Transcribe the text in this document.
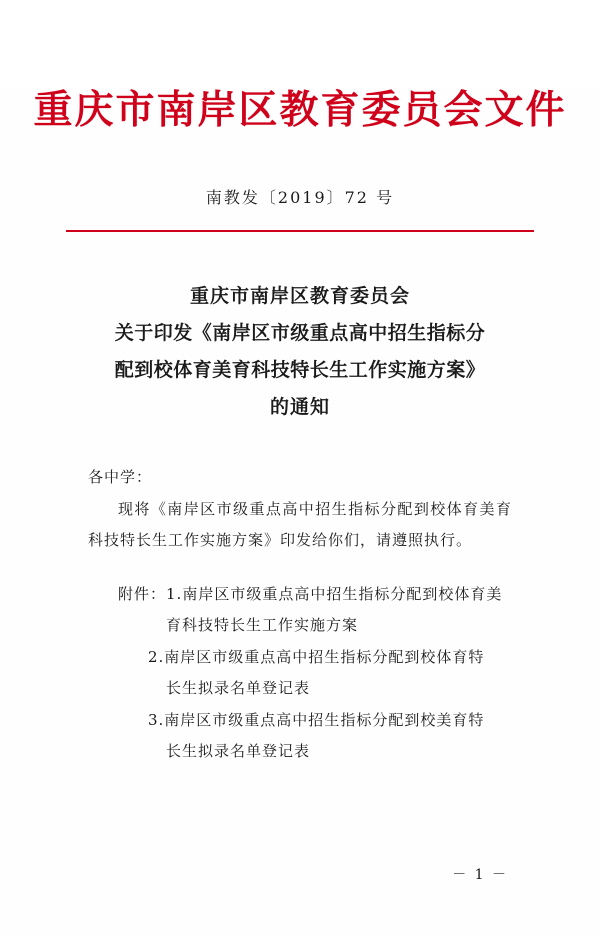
重庆市南岸区教育委员会文件
南教发〔2019〕72 号
重庆市南岸区教育委员会
关于印发《南岸区市级重点高中招生指标分
配到校体育美育科技特长生工作实施方案》
的通知

各中学：

现将《南岸区市级重点高中招生指标分配到校体育美育科技特长生工作实施方案》印发给你们，请遵照执行。

附件：1.南岸区市级重点高中招生指标分配到校体育美

育科技特长生工作实施方案

2.南岸区市级重点高中招生指标分配到校体育特

长生拟录名单登记表

3.南岸区市级重点高中招生指标分配到校美育特

长生拟录名单登记表

－ 1 －
